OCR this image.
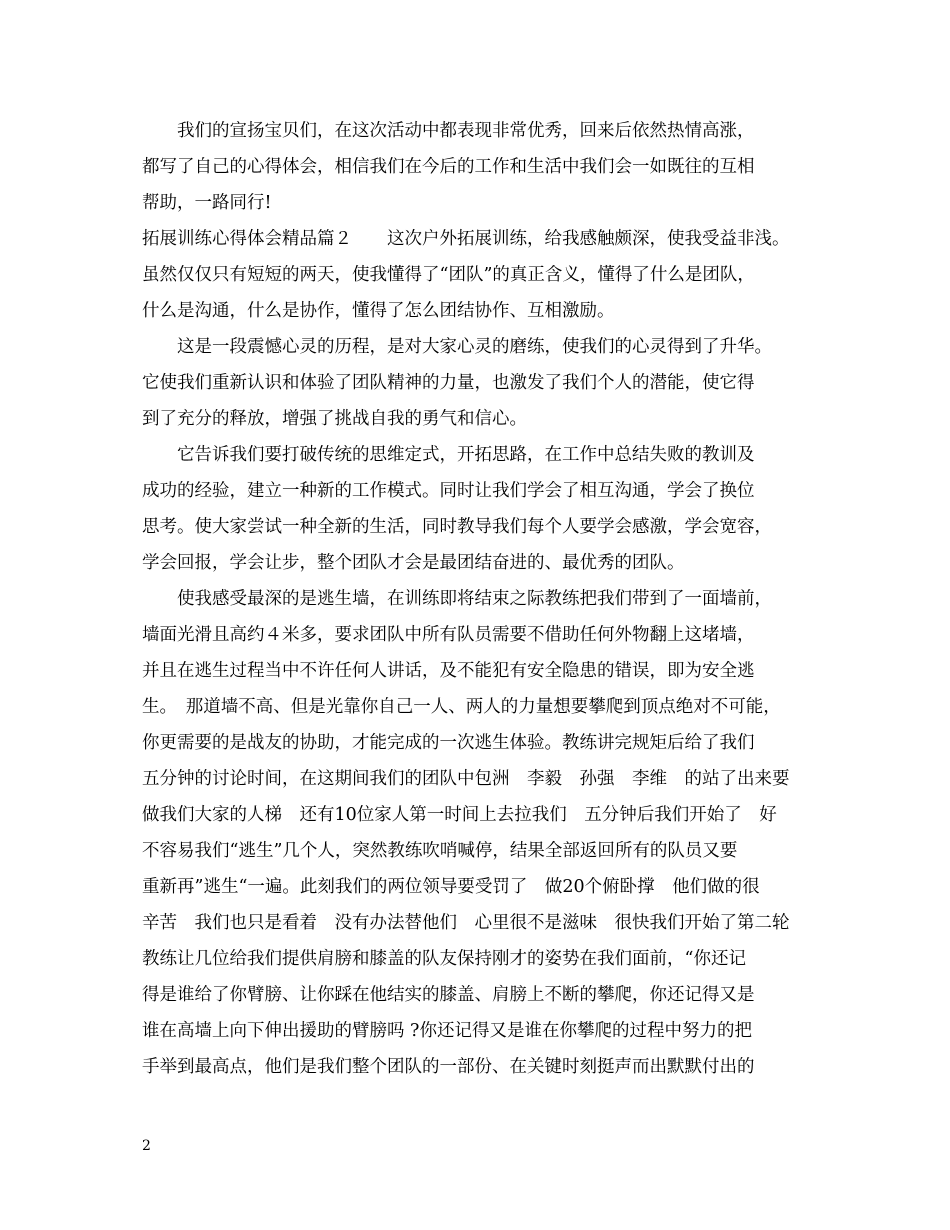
　　我们的宣扬宝贝们，在这次活动中都表现非常优秀，回来后依然热情高涨，
都写了自己的心得体会，相信我们在今后的工作和生活中我们会一如既往的互相
帮助，一路同行!
拓展训练心得体会精品篇２　　这次户外拓展训练，给我感触颇深，使我受益非浅。
虽然仅仅只有短短的两天，使我懂得了“团队”的真正含义，懂得了什么是团队，
什么是沟通，什么是协作，懂得了怎么团结协作、互相激励。
　　这是一段震憾心灵的历程，是对大家心灵的磨练，使我们的心灵得到了升华。
它使我们重新认识和体验了团队精神的力量，也激发了我们个人的潜能，使它得
到了充分的释放，增强了挑战自我的勇气和信心。
　　它告诉我们要打破传统的思维定式，开拓思路，在工作中总结失败的教训及
成功的经验，建立一种新的工作模式。同时让我们学会了相互沟通，学会了换位
思考。使大家尝试一种全新的生活，同时教导我们每个人要学会感激，学会宽容，
学会回报，学会让步，整个团队才会是最团结奋进的、最优秀的团队。
　　使我感受最深的是逃生墙，在训练即将结束之际教练把我们带到了一面墙前，
墙面光滑且高约４米多，要求团队中所有队员需要不借助任何外物翻上这堵墙，
并且在逃生过程当中不许任何人讲话，及不能犯有安全隐患的错误，即为安全逃
生。　那道墙不高、但是光靠你自己一人、两人的力量想要攀爬到顶点绝对不可能，
你更需要的是战友的协助，才能完成的一次逃生体验。教练讲完规矩后给了我们
五分钟的讨论时间，在这期间我们的团队中包洲　李毅　孙强　李维　的站了出来要
做我们大家的人梯　还有10位家人第一时间上去拉我们　五分钟后我们开始了　好
不容易我们“逃生”几个人，突然教练吹哨喊停，结果全部返回所有的队员又要
重新再”逃生“一遍。此刻我们的两位领导要受罚了　做20个俯卧撑　他们做的很
辛苦　我们也只是看着　没有办法替他们　心里很不是滋味　很快我们开始了第二轮
教练让几位给我们提供肩膀和膝盖的队友保持刚才的姿势在我们面前，“你还记
得是谁给了你臂膀、让你踩在他结实的膝盖、肩膀上不断的攀爬，你还记得又是
谁在高墙上向下伸出援助的臂膀吗 ?你还记得又是谁在你攀爬的过程中努力的把
手举到最高点，他们是我们整个团队的一部份、在关键时刻挺声而出默默付出的
2
